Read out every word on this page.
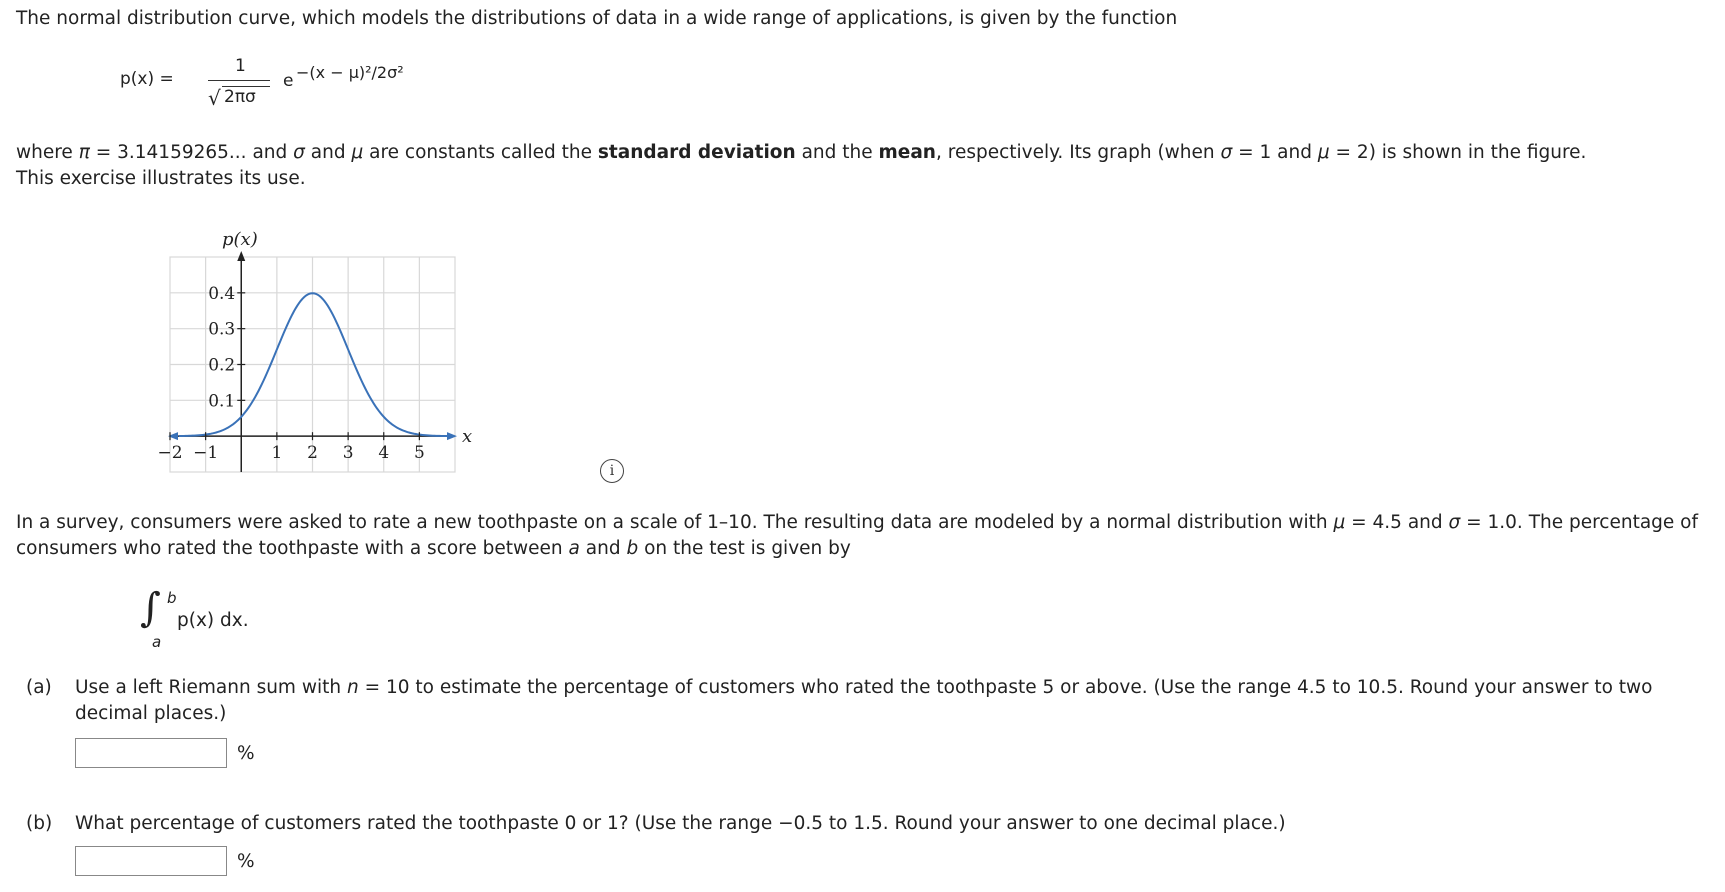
The normal distribution curve, which models the distributions of data in a wide range of applications, is given by the function
p(x) =
1
√ 2πσ
e −(x − μ)²/2σ²
where π = 3.14159265... and σ and μ are constants called the standard deviation and the mean, respectively. Its graph (when σ = 1 and μ = 2) is shown in the figure.
This exercise illustrates its use.
−2 −1	1 2 3 4 5
0.1
0.2
0.3
0.4
p(x)
x
i
In a survey, consumers were asked to rate a new toothpaste on a scale of 1–10. The resulting data are modeled by a normal distribution with μ = 4.5 and σ = 1.0. The percentage of consumers who rated the toothpaste with a score between a and b on the test is given by
∫ b
a
p(x) dx.
(a) Use a left Riemann sum with n = 10 to estimate the percentage of customers who rated the toothpaste 5 or above. (Use the range 4.5 to 10.5. Round your answer to two decimal places.)
%
(b) What percentage of customers rated the toothpaste 0 or 1? (Use the range −0.5 to 1.5. Round your answer to one decimal place.)
%
